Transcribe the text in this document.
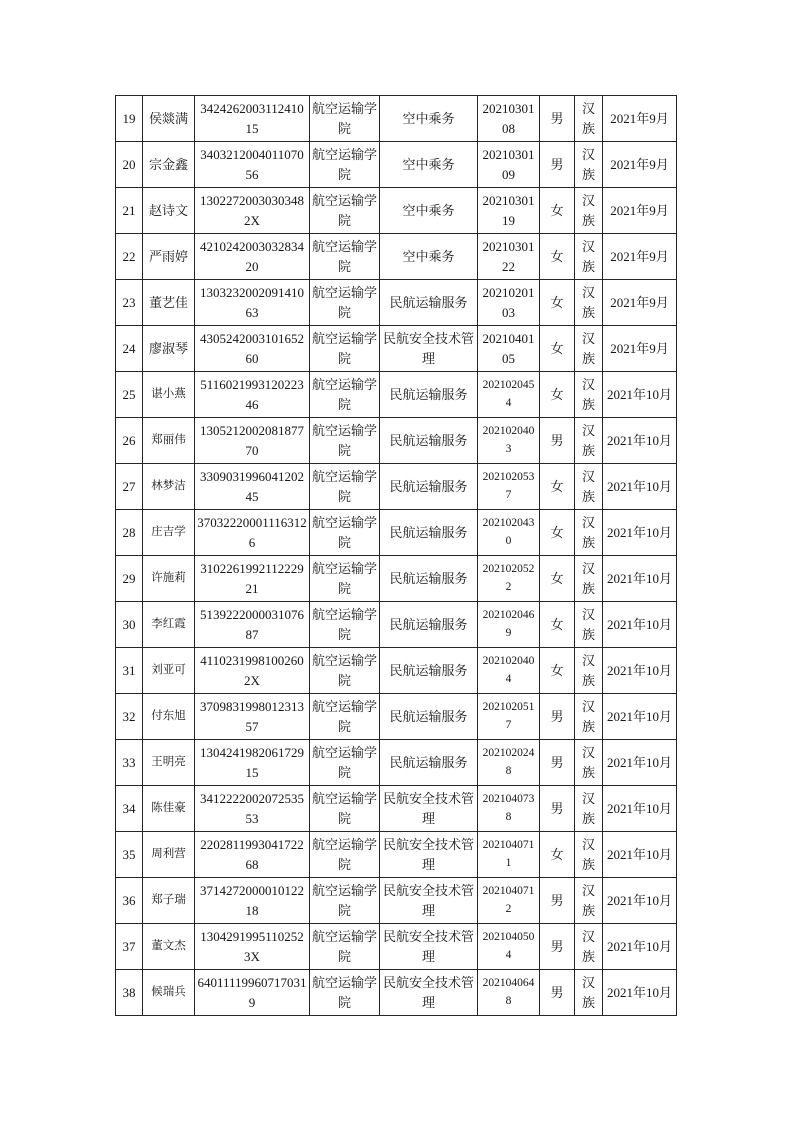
19	侯燚满	342426200311241015	航空运输学院	空中乘务	2021030108	男	汉族	2021年9月
20	宗金鑫	340321200401107056	航空运输学院	空中乘务	2021030109	男	汉族	2021年9月
21	赵诗文	13022720030303482X	航空运输学院	空中乘务	2021030119	女	汉族	2021年9月
22	严雨婷	421024200303283420	航空运输学院	空中乘务	2021030122	女	汉族	2021年9月
23	董艺佳	130323200209141063	航空运输学院	民航运输服务	2021020103	女	汉族	2021年9月
24	廖淑琴	430524200310165260	航空运输学院	民航安全技术管理	2021040105	女	汉族	2021年9月
25	谌小燕	511602199312022346	航空运输学院	民航运输服务	2021020454	女	汉族	2021年10月
26	郑丽伟	130521200208187770	航空运输学院	民航运输服务	2021020403	男	汉族	2021年10月
27	林梦洁	330903199604120245	航空运输学院	民航运输服务	2021020537	女	汉族	2021年10月
28	庄吉学	370322200011163126	航空运输学院	民航运输服务	2021020430	女	汉族	2021年10月
29	许施莉	310226199211222921	航空运输学院	民航运输服务	2021020522	女	汉族	2021年10月
30	李红霞	513922200003107687	航空运输学院	民航运输服务	2021020469	女	汉族	2021年10月
31	刘亚可	41102319981002602X	航空运输学院	民航运输服务	2021020404	女	汉族	2021年10月
32	付东旭	370983199801231357	航空运输学院	民航运输服务	2021020517	男	汉族	2021年10月
33	王明亮	130424198206172915	航空运输学院	民航运输服务	2021020248	男	汉族	2021年10月
34	陈佳豪	341222200207253553	航空运输学院	民航安全技术管理	2021040738	男	汉族	2021年10月
35	周利营	220281199304172268	航空运输学院	民航安全技术管理	2021040711	女	汉族	2021年10月
36	郑子瑞	371427200001012218	航空运输学院	民航安全技术管理	2021040712	男	汉族	2021年10月
37	董文杰	13042919951102523X	航空运输学院	民航安全技术管理	2021040504	男	汉族	2021年10月
38	候瑞兵	640111199607170319	航空运输学院	民航安全技术管理	2021040648	男	汉族	2021年10月
